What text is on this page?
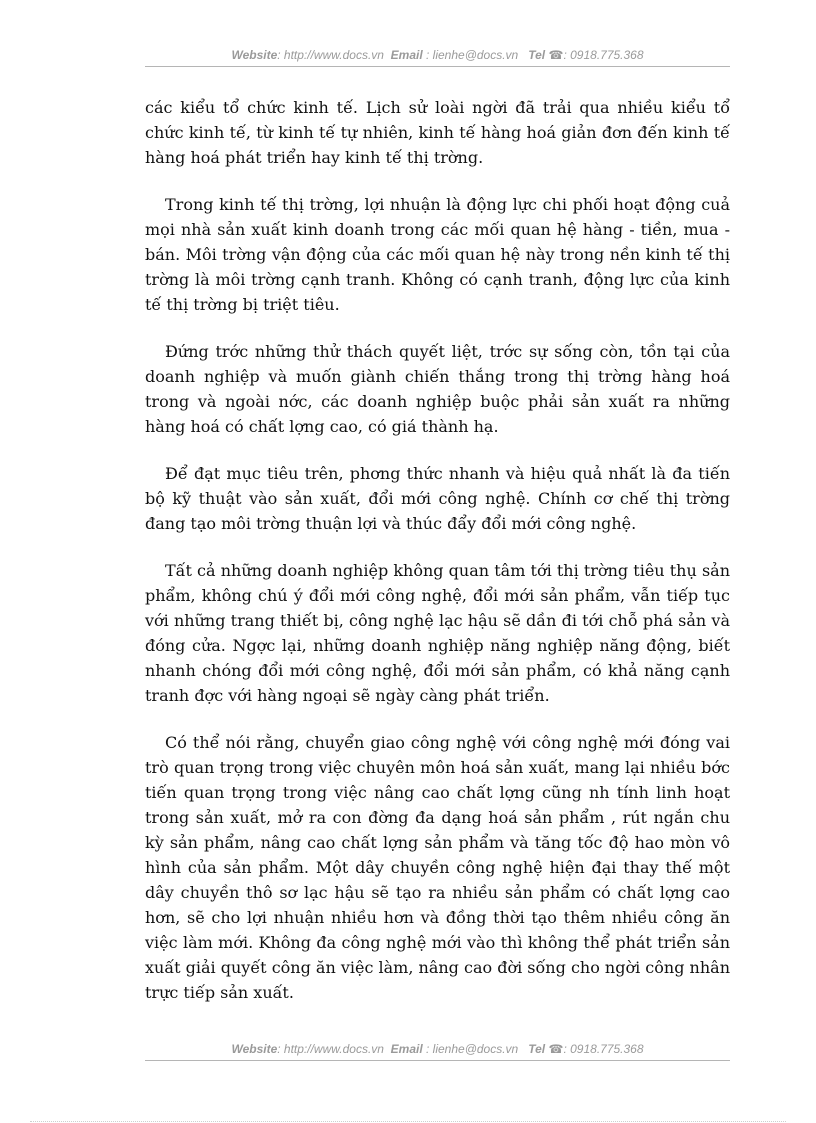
Website: http://www.docs.vn Email : lienhe@docs.vn Tel ☎: 0918.775.368

các kiểu tổ chức kinh tế. Lịch sử loài ngời đã trải qua nhiều kiểu tổ chức kinh tế, từ kinh tế tự nhiên, kinh tế hàng hoá giản đơn đến kinh tế hàng hoá phát triển hay kinh tế thị trờng.

Trong kinh tế thị trờng, lợi nhuận là động lực chi phối hoạt động cuả mọi nhà sản xuất kinh doanh trong các mối quan hệ hàng - tiền, mua - bán. Môi trờng vận động của các mối quan hệ này trong nền kinh tế thị trờng là môi trờng cạnh tranh. Không có cạnh tranh, động lực của kinh tế thị trờng bị triệt tiêu.

Đứng trớc những thử thách quyết liệt, trớc sự sống còn, tồn tại của doanh nghiệp và muốn giành chiến thắng trong thị trờng hàng hoá trong và ngoài nớc, các doanh nghiệp buộc phải sản xuất ra những hàng hoá có chất lợng cao, có giá thành hạ.

Để đạt mục tiêu trên, phơng thức nhanh và hiệu quả nhất là đa tiến bộ kỹ thuật vào sản xuất, đổi mới công nghệ. Chính cơ chế thị trờng đang tạo môi trờng thuận lợi và thúc đẩy đổi mới công nghệ.

Tất cả những doanh nghiệp không quan tâm tới thị trờng tiêu thụ sản phẩm, không chú ý đổi mới công nghệ, đổi mới sản phẩm, vẫn tiếp tục với những trang thiết bị, công nghệ lạc hậu sẽ dần đi tới chỗ phá sản và đóng cửa. Ngợc lại, những doanh nghiệp năng nghiệp năng động, biết nhanh chóng đổi mới công nghệ, đổi mới sản phẩm, có khả năng cạnh tranh đợc với hàng ngoại sẽ ngày càng phát triển.

Có thể nói rằng, chuyển giao công nghệ với công nghệ mới đóng vai trò quan trọng trong việc chuyên môn hoá sản xuất, mang lại nhiều bớc tiến quan trọng trong việc nâng cao chất lợng cũng nh tính linh hoạt trong sản xuất, mở ra con đờng đa dạng hoá sản phẩm , rút ngắn chu kỳ sản phẩm, nâng cao chất lợng sản phẩm và tăng tốc độ hao mòn vô hình của sản phẩm. Một dây chuyền công nghệ hiện đại thay thế một dây chuyền thô sơ lạc hậu sẽ tạo ra nhiều sản phẩm có chất lợng cao hơn, sẽ cho lợi nhuận nhiều hơn và đồng thời tạo thêm nhiều công ăn việc làm mới. Không đa công nghệ mới vào thì không thể phát triển sản xuất giải quyết công ăn việc làm, nâng cao đời sống cho ngời công nhân trực tiếp sản xuất.

Website: http://www.docs.vn Email : lienhe@docs.vn Tel ☎: 0918.775.368
